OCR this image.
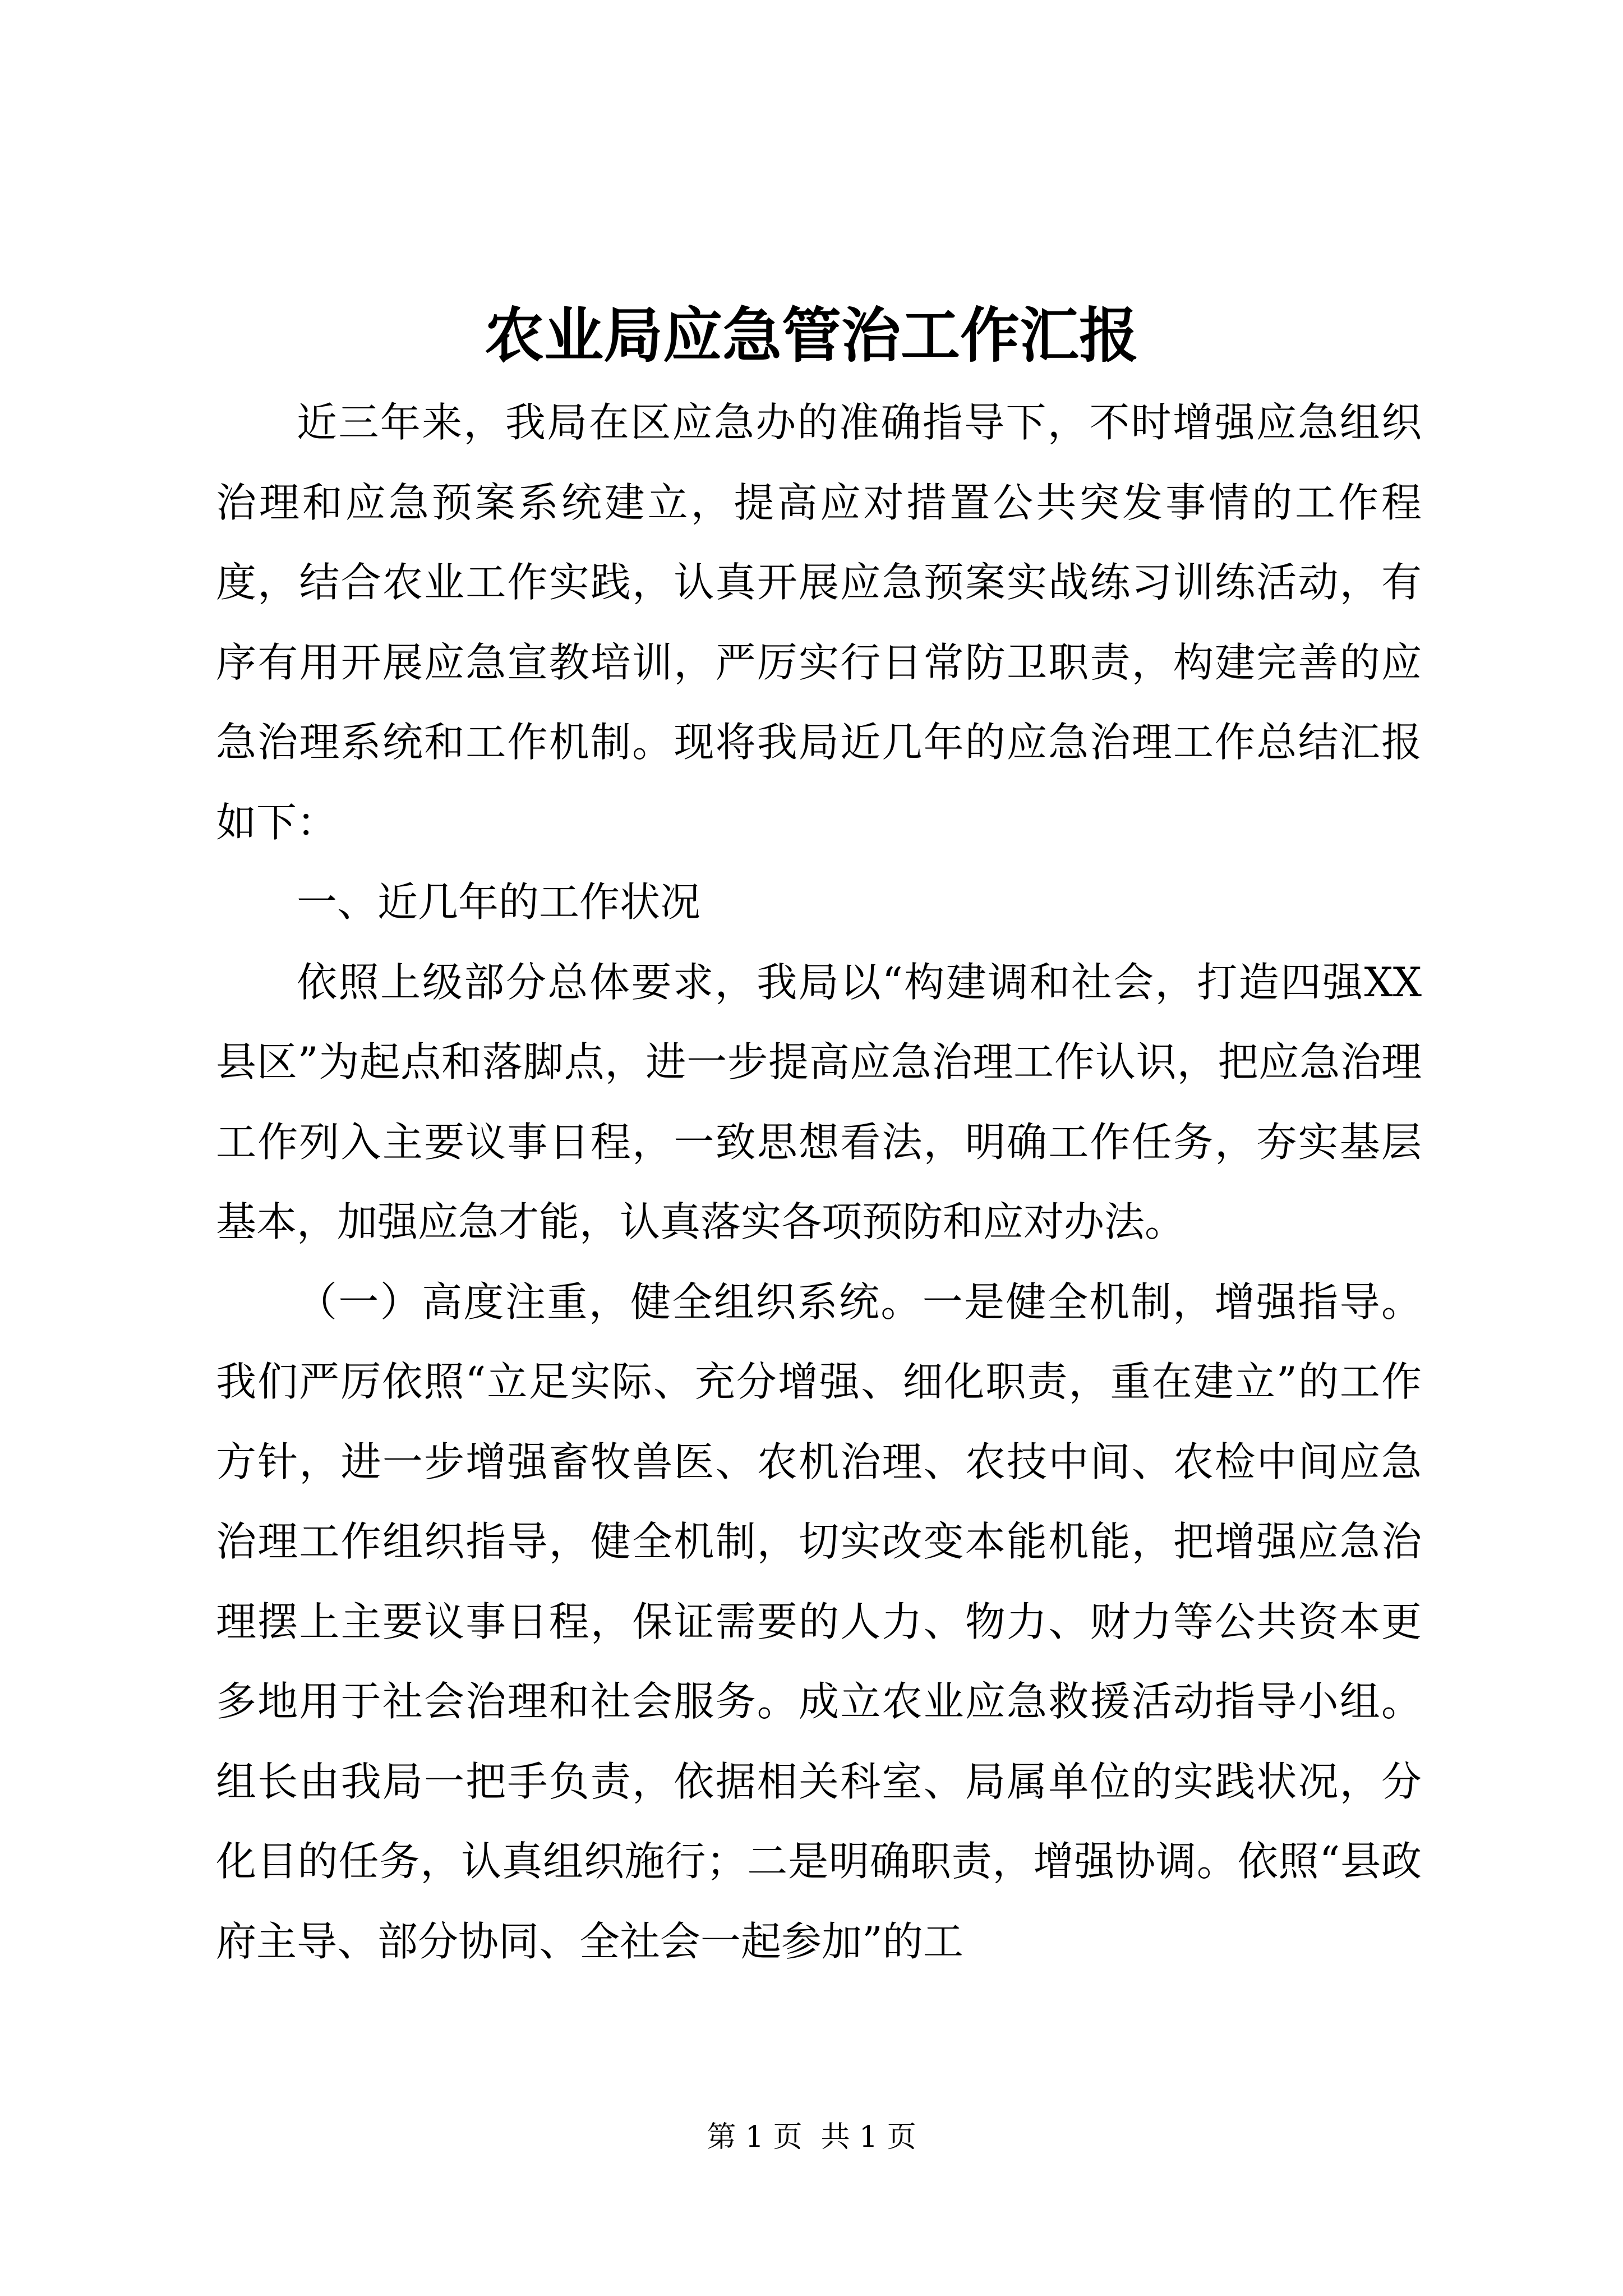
农业局应急管治工作汇报

近三年来，我局在区应急办的准确指导下，不时增强应急组织治理和应急预案系统建立，提高应对措置公共突发事情的工作程度，结合农业工作实践，认真开展应急预案实战练习训练活动，有序有用开展应急宣教培训，严厉实行日常防卫职责，构建完善的应急治理系统和工作机制。现将我局近几年的应急治理工作总结汇报如下：

一、近几年的工作状况

依照上级部分总体要求，我局以“构建调和社会，打造四强XX县区”为起点和落脚点，进一步提高应急治理工作认识，把应急治理工作列入主要议事日程，一致思想看法，明确工作任务，夯实基层基本，加强应急才能，认真落实各项预防和应对办法。

（一）高度注重，健全组织系统。一是健全机制，增强指导。我们严厉依照“立足实际、充分增强、细化职责，重在建立”的工作方针，进一步增强畜牧兽医、农机治理、农技中间、农检中间应急治理工作组织指导，健全机制，切实改变本能机能，把增强应急治理摆上主要议事日程，保证需要的人力、物力、财力等公共资本更多地用于社会治理和社会服务。成立农业应急救援活动指导小组。组长由我局一把手负责，依据相关科室、局属单位的实践状况，分化目的任务，认真组织施行；二是明确职责，增强协调。依照“县政府主导、部分协同、全社会一起参加”的工

第 1 页  共 1 页
